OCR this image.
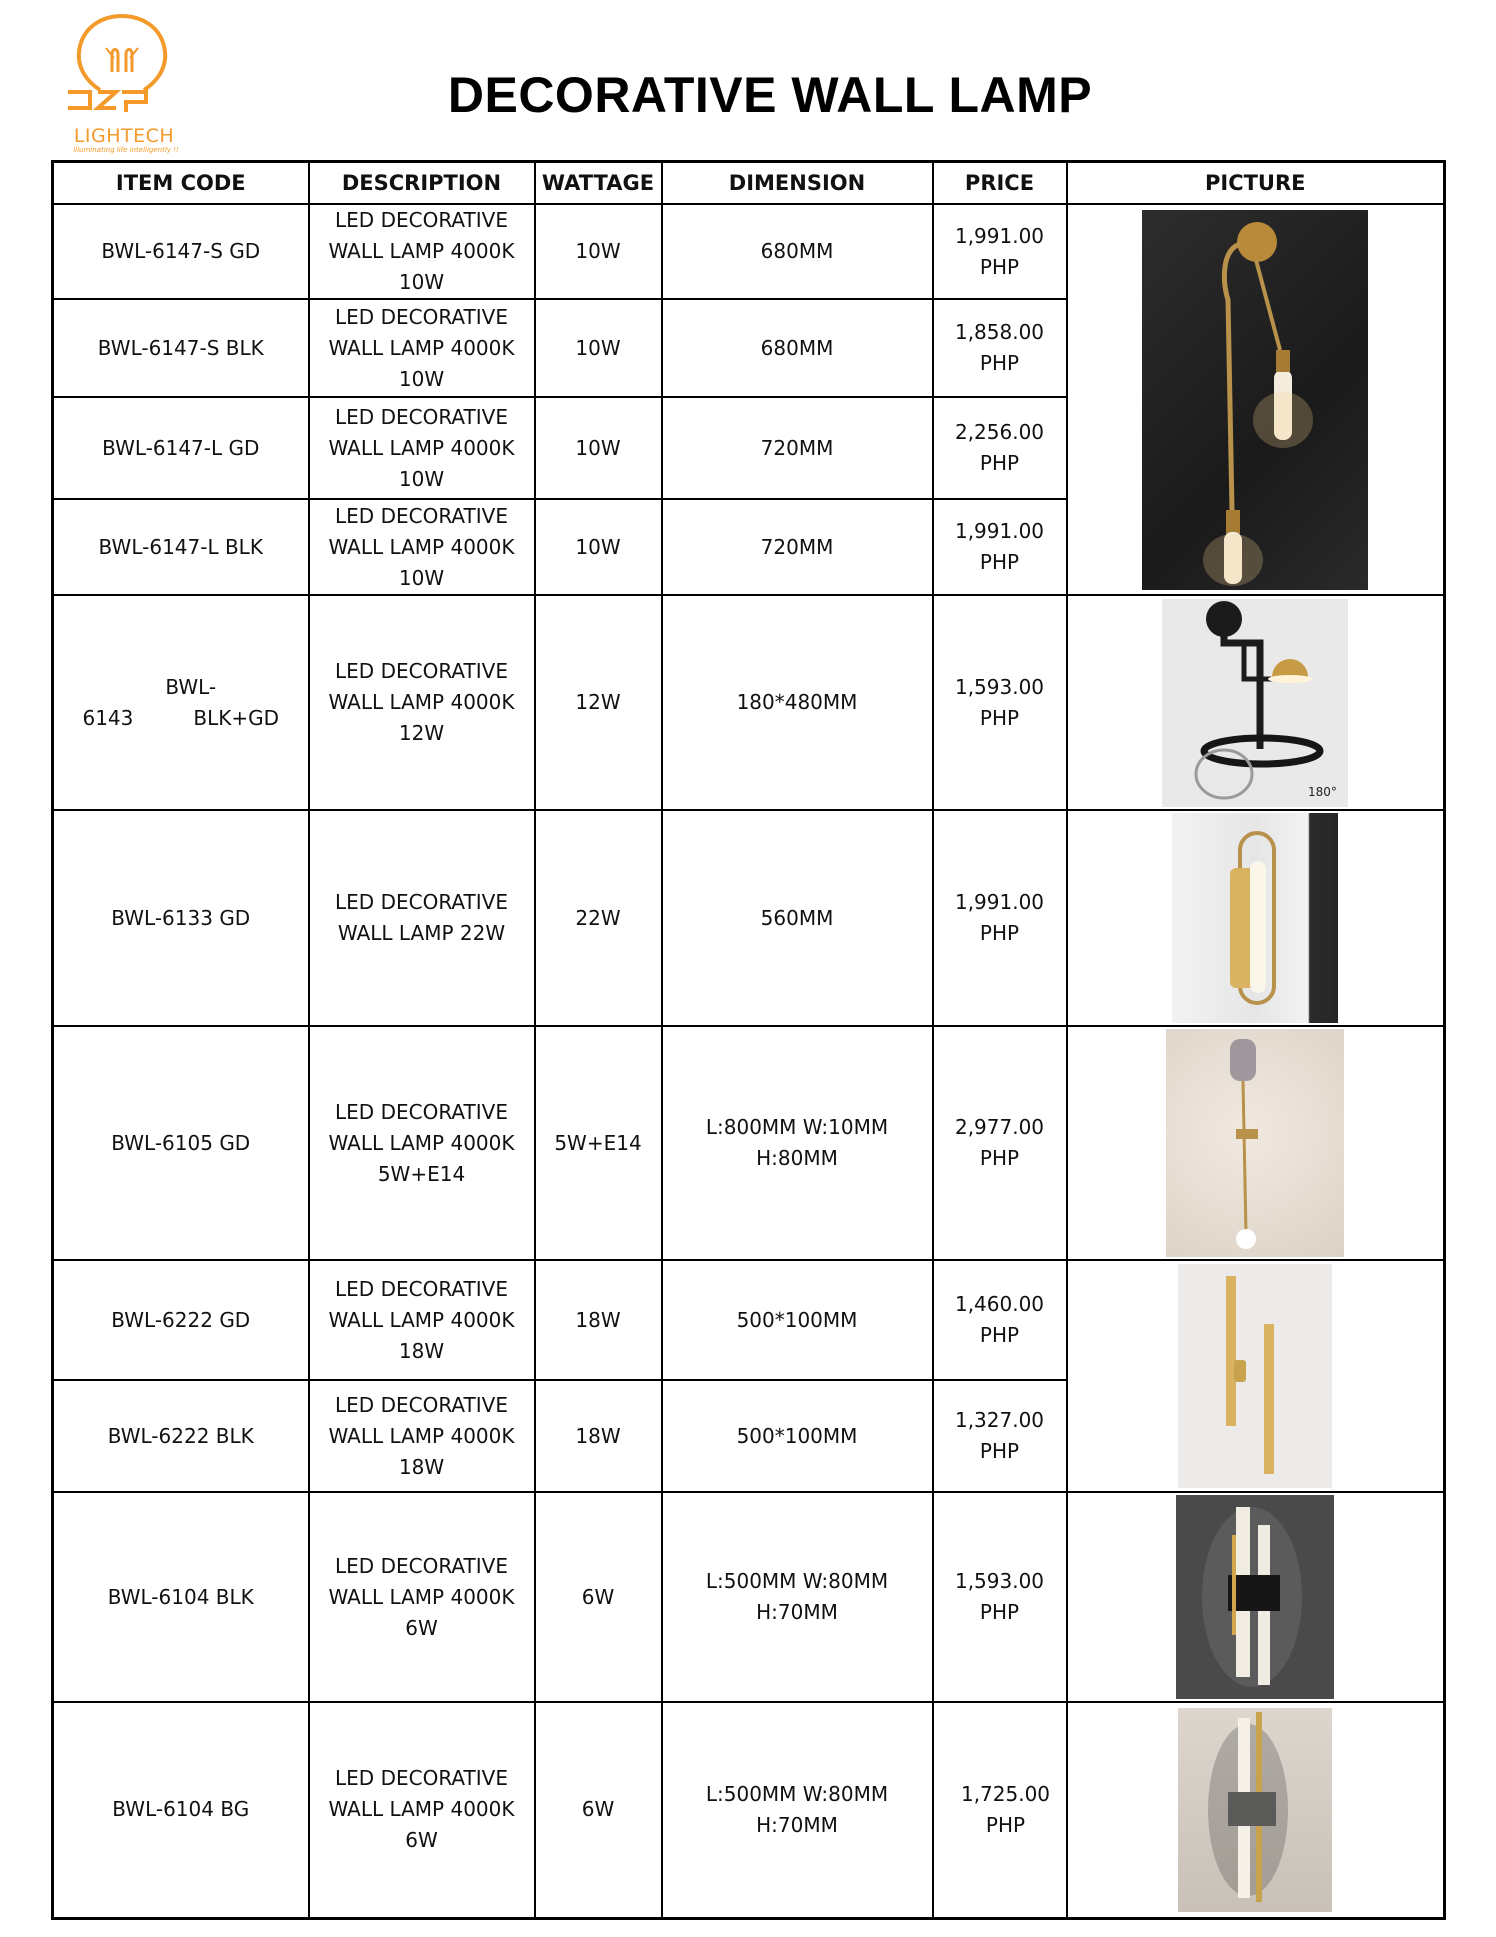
LIGHTECH
illuminating life intelligently !!
DECORATIVE WALL LAMP
ITEM CODE	DESCRIPTION	WATTAGE	DIMENSION	PRICE	PICTURE
BWL-6147-S GD	LED DECORATIVE
WALL LAMP 4000K
10W	10W	680MM	1,991.00
PHP

BWL-6147-S BLK	LED DECORATIVE
WALL LAMP 4000K
10W	10W	680MM	1,858.00
PHP	

BWL-6147-L GD	LED DECORATIVE
WALL LAMP 4000K
10W	10W	720MM	2,256.00
PHP	

BWL-6147-L BLK	LED DECORATIVE
WALL LAMP 4000K
10W	10W	720MM	1,991.00
PHP	

BWL-6143 BLK+GD	LED DECORATIVE
WALL LAMP 4000K
12W	12W	180*480MM	1,593.00
PHP	180°

BWL-6133 GD	LED DECORATIVE
WALL LAMP 22W	22W	560MM	1,991.00
PHP

BWL-6105 GD	LED DECORATIVE
WALL LAMP 4000K
5W+E14	5W+E14	L:800MM W:10MM
H:80MM	2,977.00
PHP

BWL-6222 GD	LED DECORATIVE
WALL LAMP 4000K
18W	18W	500*100MM	1,460.00
PHP

BWL-6222 BLK	LED DECORATIVE
WALL LAMP 4000K
18W	18W	500*100MM	1,327.00
PHP	

BWL-6104 BLK	LED DECORATIVE
WALL LAMP 4000K
6W	6W	L:500MM W:80MM
H:70MM	1,593.00
PHP

BWL-6104 BG	LED DECORATIVE
WALL LAMP 4000K
6W	6W	L:500MM W:80MM
H:70MM	1,725.00
PHP
